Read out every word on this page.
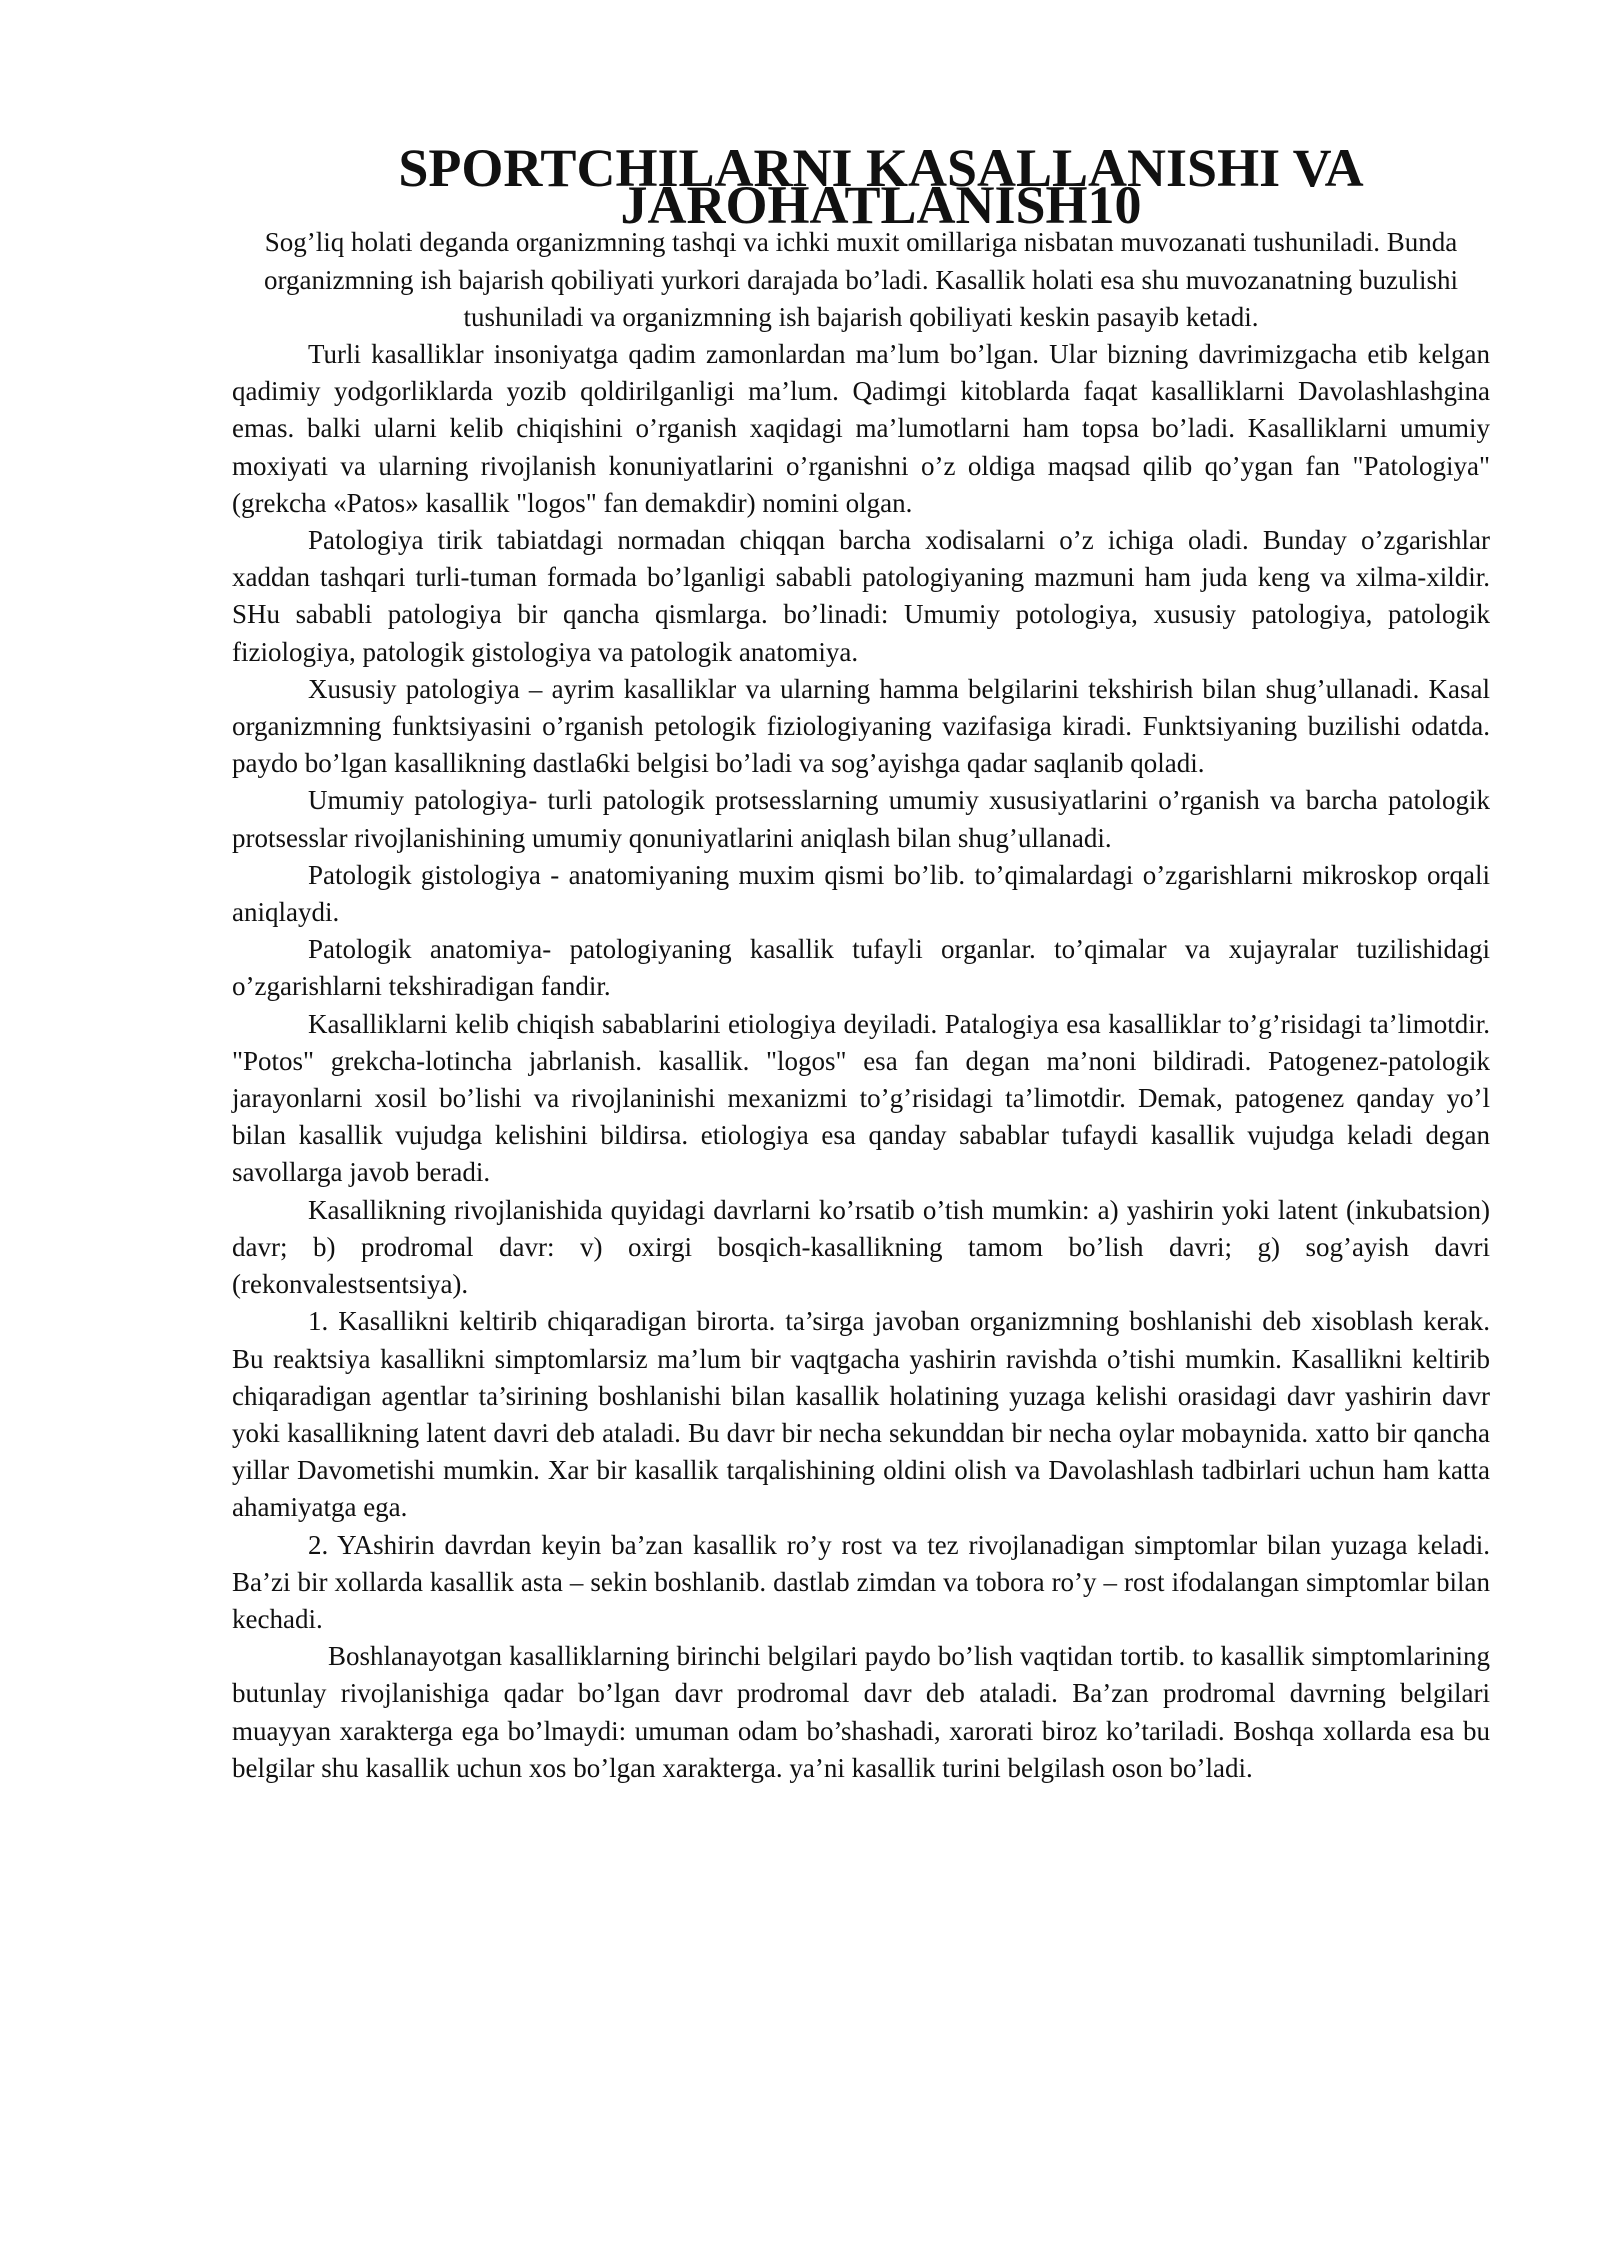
SPORTCHILARNI KASALLANISHI VA JAROHATLANISH10

Sog’liq holati deganda organizmning tashqi va ichki muxit omillariga nisbatan muvozanati tushuniladi. Bunda organizmning ish bajarish qobiliyati yurkori darajada bo’ladi. Kasallik holati esa shu muvozanatning buzulishi tushuniladi va organizmning ish bajarish qobiliyati keskin pasayib ketadi.

Turli kasalliklar insoniyatga qadim zamonlardan ma’lum bo’lgan. Ular bizning davrimizgacha etib kelgan qadimiy yodgorliklarda yozib qoldirilganligi ma’lum. Qadimgi kitoblarda faqat kasalliklarni Davolashlashgina emas. balki ularni kelib chiqishini o’rganish xaqidagi ma’lumotlarni ham topsa bo’ladi. Kasalliklarni umumiy moxiyati va ularning rivojlanish konuniyatlarini o’rganishni o’z oldiga maqsad qilib qo’ygan fan "Patologiya" (grekcha «Patos» kasallik "logos" fan demakdir) nomini olgan.

Patologiya tirik tabiatdagi normadan chiqqan barcha xodisalarni o’z ichiga oladi. Bunday o’zgarishlar xaddan tashqari turli-tuman formada bo’lganligi sababli patologiyaning mazmuni ham juda keng va xilma-xildir. SHu sababli patologiya bir qancha qismlarga. bo’linadi: Umumiy potologiya, xususiy patologiya, patologik fiziologiya, patologik gistologiya va patologik anatomiya.

Xususiy patologiya – ayrim kasalliklar va ularning hamma belgilarini tekshirish bilan shug’ullanadi. Kasal organizmning funktsiyasini o’rganish petologik fiziologiyaning vazifasiga kiradi. Funktsiyaning buzilishi odatda. paydo bo’lgan kasallikning dastla6ki belgisi bo’ladi va sog’ayishga qadar saqlanib qoladi.

Umumiy patologiya- turli patologik protsesslarning umumiy xususiyatlarini o’rganish va barcha patologik protsesslar rivojlanishining umumiy qonuniyatlarini aniqlash bilan shug’ullanadi.

Patologik gistologiya - anatomiyaning muxim qismi bo’lib. to’qimalardagi o’zgarishlarni mikroskop orqali aniqlaydi.

Patologik anatomiya- patologiyaning kasallik tufayli organlar. to’qimalar va xujayralar tuzilishidagi o’zgarishlarni tekshiradigan fandir.

Kasalliklarni kelib chiqish sabablarini etiologiya deyiladi. Patalogiya esa kasalliklar to’g’risidagi ta’limotdir. "Potos" grekcha-lotincha jabrlanish. kasallik. "logos" esa fan degan ma’noni bildiradi. Patogenez-patologik jarayonlarni xosil bo’lishi va rivojlaninishi mexanizmi to’g’risidagi ta’limotdir. Demak, patogenez qanday yo’l bilan kasallik vujudga kelishini bildirsa. etiologiya esa qanday sabablar tufaydi kasallik vujudga keladi degan savollarga javob beradi.

Kasallikning rivojlanishida quyidagi davrlarni ko’rsatib o’tish mumkin: a) yashirin yoki latent (inkubatsion) davr; b) prodromal davr: v) oxirgi bosqich-kasallikning tamom bo’lish davri; g) sog’ayish davri (rekonvalestsentsiya).

1. Kasallikni keltirib chiqaradigan birorta. ta’sirga javoban organizmning boshlanishi deb xisoblash kerak. Bu reaktsiya kasallikni simptomlarsiz ma’lum bir vaqtgacha yashirin ravishda o’tishi mumkin. Kasallikni keltirib chiqaradigan agentlar ta’sirining boshlanishi bilan kasallik holatining yuzaga kelishi orasidagi davr yashirin davr yoki kasallikning latent davri deb ataladi. Bu davr bir necha sekunddan bir necha oylar mobaynida. xatto bir qancha yillar Davometishi mumkin. Xar bir kasallik tarqalishining oldini olish va Davolashlash tadbirlari uchun ham katta ahamiyatga ega.

2. YAshirin davrdan keyin ba’zan kasallik ro’y rost va tez rivojlanadigan simptomlar bilan yuzaga keladi. Ba’zi bir xollarda kasallik asta – sekin boshlanib. dastlab zimdan va tobora ro’y – rost ifodalangan simptomlar bilan kechadi.

Boshlanayotgan kasalliklarning birinchi belgilari paydo bo’lish vaqtidan tortib. to kasallik simptomlarining butunlay rivojlanishiga qadar bo’lgan davr prodromal davr deb ataladi. Ba’zan prodromal davrning belgilari muayyan xarakterga ega bo’lmaydi: umuman odam bo’shashadi, xarorati biroz ko’tariladi. Boshqa xollarda esa bu belgilar shu kasallik uchun xos bo’lgan xarakterga. ya’ni kasallik turini belgilash oson bo’ladi.
